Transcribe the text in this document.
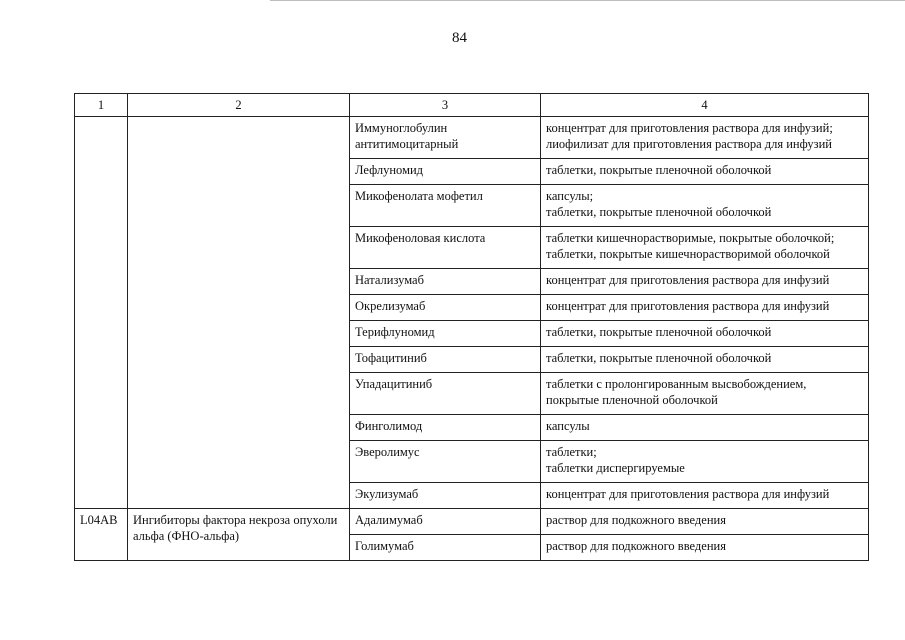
84
1	2	3	4
		Иммуноглобулин
антитимоцитарный	концентрат для приготовления раствора для инфузий;
лиофилизат для приготовления раствора для инфузий
		Лефлуномид	таблетки, покрытые пленочной оболочкой
		Микофенолата мофетил	капсулы;
таблетки, покрытые пленочной оболочкой
		Микофеноловая кислота	таблетки кишечнорастворимые, покрытые оболочкой;
таблетки, покрытые кишечнорастворимой оболочкой
		Натализумаб	концентрат для приготовления раствора для инфузий
		Окрелизумаб	концентрат для приготовления раствора для инфузий
		Терифлуномид	таблетки, покрытые пленочной оболочкой
		Тофацитиниб	таблетки, покрытые пленочной оболочкой
		Упадацитиниб	таблетки с пролонгированным высвобождением,
покрытые пленочной оболочкой
		Финголимод	капсулы
		Эверолимус	таблетки;
таблетки диспергируемые
		Экулизумаб	концентрат для приготовления раствора для инфузий
L04AB	Ингибиторы фактора некроза опухоли
альфа (ФНО-альфа)	Адалимумаб	раствор для подкожного введения
		Голимумаб	раствор для подкожного введения
